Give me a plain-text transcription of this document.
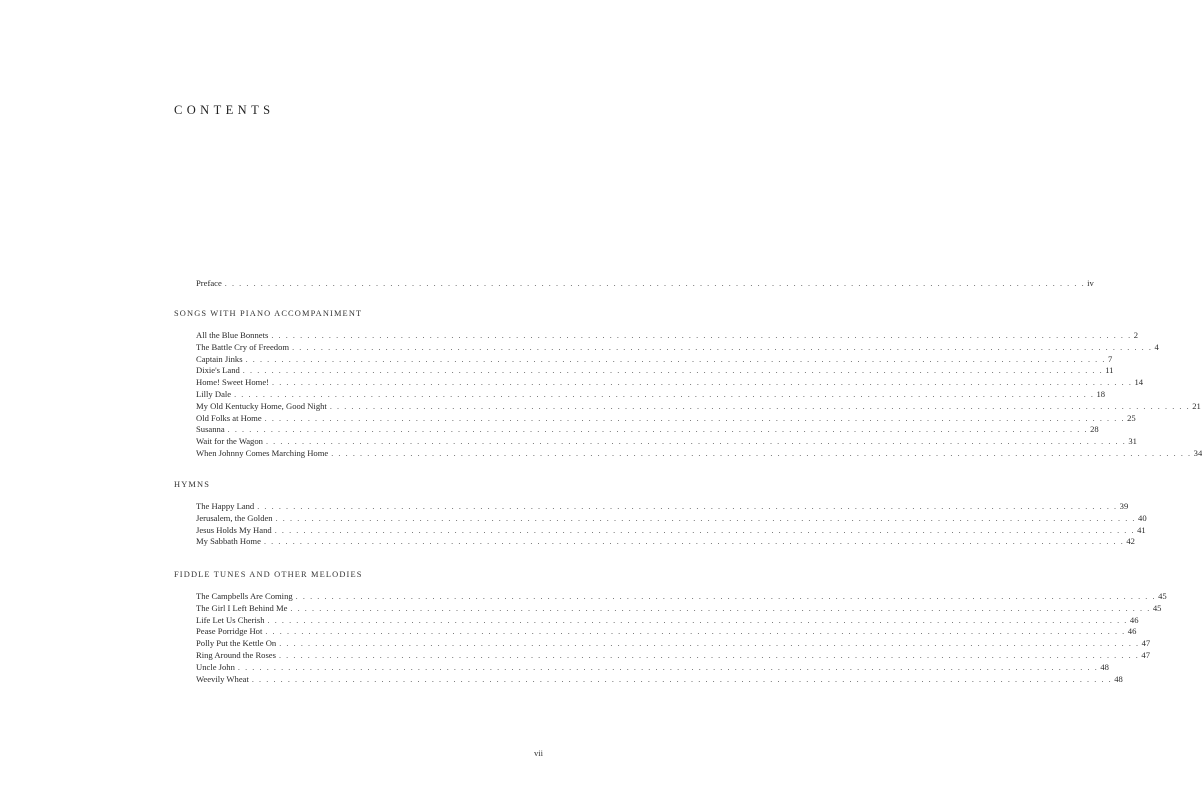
CONTENTS
Preface . . . . . . . . . . . . . . . . . . . . . . . . . . . . . . . . . . . . . . . . . . . . . . . . . . . . . . . . . . . . . . . . . . . . . . . . . . . . . . . . . . . . . . . . . . . . . . . . . . . . . . . . . . . . . . . . . . . . . . . . iv
SONGS WITH PIANO ACCOMPANIMENT
All the Blue Bonnets . . . . . . . . . . . . . . . . . . . . . . . . . . . . . . . . . . . . . . . . . . . . . . . . . . . . . . . . . . . . . . . . . . . . . . . . . . . . . . . . . . . . . . . . . . . . . . . . . . . . . . . . . . . . . . . . . . . . . . . . 2
The Battle Cry of Freedom . . . . . . . . . . . . . . . . . . . . . . . . . . . . . . . . . . . . . . . . . . . . . . . . . . . . . . . . . . . . . . . . . . . . . . . . . . . . . . . . . . . . . . . . . . . . . . . . . . . . . . . . . . . . . . . . . . . . . . . . 4
Captain Jinks . . . . . . . . . . . . . . . . . . . . . . . . . . . . . . . . . . . . . . . . . . . . . . . . . . . . . . . . . . . . . . . . . . . . . . . . . . . . . . . . . . . . . . . . . . . . . . . . . . . . . . . . . . . . . . . . . . . . . . . . 7
Dixie's Land . . . . . . . . . . . . . . . . . . . . . . . . . . . . . . . . . . . . . . . . . . . . . . . . . . . . . . . . . . . . . . . . . . . . . . . . . . . . . . . . . . . . . . . . . . . . . . . . . . . . . . . . . . . . . . . . . . . . . . . . 11
Home! Sweet Home! . . . . . . . . . . . . . . . . . . . . . . . . . . . . . . . . . . . . . . . . . . . . . . . . . . . . . . . . . . . . . . . . . . . . . . . . . . . . . . . . . . . . . . . . . . . . . . . . . . . . . . . . . . . . . . . . . . . . . . . . 14
Lilly Dale . . . . . . . . . . . . . . . . . . . . . . . . . . . . . . . . . . . . . . . . . . . . . . . . . . . . . . . . . . . . . . . . . . . . . . . . . . . . . . . . . . . . . . . . . . . . . . . . . . . . . . . . . . . . . . . . . . . . . . . . 18
My Old Kentucky Home, Good Night . . . . . . . . . . . . . . . . . . . . . . . . . . . . . . . . . . . . . . . . . . . . . . . . . . . . . . . . . . . . . . . . . . . . . . . . . . . . . . . . . . . . . . . . . . . . . . . . . . . . . . . . . . . . . . . . . . . . . . . . 21
Old Folks at Home . . . . . . . . . . . . . . . . . . . . . . . . . . . . . . . . . . . . . . . . . . . . . . . . . . . . . . . . . . . . . . . . . . . . . . . . . . . . . . . . . . . . . . . . . . . . . . . . . . . . . . . . . . . . . . . . . . . . . . . . 25
Susanna . . . . . . . . . . . . . . . . . . . . . . . . . . . . . . . . . . . . . . . . . . . . . . . . . . . . . . . . . . . . . . . . . . . . . . . . . . . . . . . . . . . . . . . . . . . . . . . . . . . . . . . . . . . . . . . . . . . . . . . . 28
Wait for the Wagon . . . . . . . . . . . . . . . . . . . . . . . . . . . . . . . . . . . . . . . . . . . . . . . . . . . . . . . . . . . . . . . . . . . . . . . . . . . . . . . . . . . . . . . . . . . . . . . . . . . . . . . . . . . . . . . . . . . . . . . . 31
When Johnny Comes Marching Home . . . . . . . . . . . . . . . . . . . . . . . . . . . . . . . . . . . . . . . . . . . . . . . . . . . . . . . . . . . . . . . . . . . . . . . . . . . . . . . . . . . . . . . . . . . . . . . . . . . . . . . . . . . . . . . . . . . . . . . . 34
HYMNS
The Happy Land . . . . . . . . . . . . . . . . . . . . . . . . . . . . . . . . . . . . . . . . . . . . . . . . . . . . . . . . . . . . . . . . . . . . . . . . . . . . . . . . . . . . . . . . . . . . . . . . . . . . . . . . . . . . . . . . . . . . . . . . 39
Jerusalem, the Golden . . . . . . . . . . . . . . . . . . . . . . . . . . . . . . . . . . . . . . . . . . . . . . . . . . . . . . . . . . . . . . . . . . . . . . . . . . . . . . . . . . . . . . . . . . . . . . . . . . . . . . . . . . . . . . . . . . . . . . . . 40
Jesus Holds My Hand . . . . . . . . . . . . . . . . . . . . . . . . . . . . . . . . . . . . . . . . . . . . . . . . . . . . . . . . . . . . . . . . . . . . . . . . . . . . . . . . . . . . . . . . . . . . . . . . . . . . . . . . . . . . . . . . . . . . . . . . 41
My Sabbath Home . . . . . . . . . . . . . . . . . . . . . . . . . . . . . . . . . . . . . . . . . . . . . . . . . . . . . . . . . . . . . . . . . . . . . . . . . . . . . . . . . . . . . . . . . . . . . . . . . . . . . . . . . . . . . . . . . . . . . . . . 42
FIDDLE TUNES AND OTHER MELODIES
The Campbells Are Coming . . . . . . . . . . . . . . . . . . . . . . . . . . . . . . . . . . . . . . . . . . . . . . . . . . . . . . . . . . . . . . . . . . . . . . . . . . . . . . . . . . . . . . . . . . . . . . . . . . . . . . . . . . . . . . . . . . . . . . . . 45
The Girl I Left Behind Me . . . . . . . . . . . . . . . . . . . . . . . . . . . . . . . . . . . . . . . . . . . . . . . . . . . . . . . . . . . . . . . . . . . . . . . . . . . . . . . . . . . . . . . . . . . . . . . . . . . . . . . . . . . . . . . . . . . . . . . . 45
Life Let Us Cherish . . . . . . . . . . . . . . . . . . . . . . . . . . . . . . . . . . . . . . . . . . . . . . . . . . . . . . . . . . . . . . . . . . . . . . . . . . . . . . . . . . . . . . . . . . . . . . . . . . . . . . . . . . . . . . . . . . . . . . . . 46
Pease Porridge Hot . . . . . . . . . . . . . . . . . . . . . . . . . . . . . . . . . . . . . . . . . . . . . . . . . . . . . . . . . . . . . . . . . . . . . . . . . . . . . . . . . . . . . . . . . . . . . . . . . . . . . . . . . . . . . . . . . . . . . . . . 46
Polly Put the Kettle On . . . . . . . . . . . . . . . . . . . . . . . . . . . . . . . . . . . . . . . . . . . . . . . . . . . . . . . . . . . . . . . . . . . . . . . . . . . . . . . . . . . . . . . . . . . . . . . . . . . . . . . . . . . . . . . . . . . . . . . . 47
Ring Around the Roses . . . . . . . . . . . . . . . . . . . . . . . . . . . . . . . . . . . . . . . . . . . . . . . . . . . . . . . . . . . . . . . . . . . . . . . . . . . . . . . . . . . . . . . . . . . . . . . . . . . . . . . . . . . . . . . . . . . . . . . . 47
Uncle John . . . . . . . . . . . . . . . . . . . . . . . . . . . . . . . . . . . . . . . . . . . . . . . . . . . . . . . . . . . . . . . . . . . . . . . . . . . . . . . . . . . . . . . . . . . . . . . . . . . . . . . . . . . . . . . . . . . . . . . . 48
Weevily Wheat . . . . . . . . . . . . . . . . . . . . . . . . . . . . . . . . . . . . . . . . . . . . . . . . . . . . . . . . . . . . . . . . . . . . . . . . . . . . . . . . . . . . . . . . . . . . . . . . . . . . . . . . . . . . . . . . . . . . . . . . 48
vii
